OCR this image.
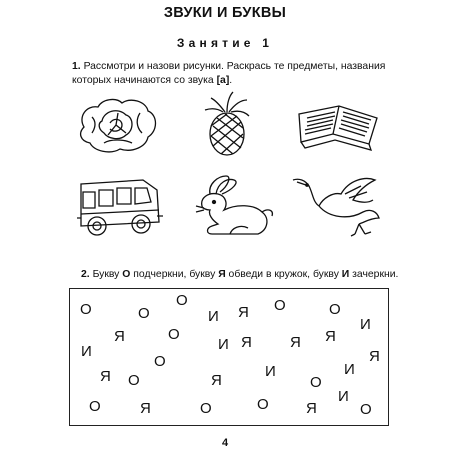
ЗВУКИ И БУКВЫ
Занятие 1
1. Рассмотри и назови рисунки. Раскрась те предметы, названия которых начинаются со звука [а].
2. Букву О подчеркни, букву Я обведи в кружок, букву И зачеркни.
О	О
О	О	И Я	О
И
Я	О
И	И Я	Я Я
О	Я
Я	И	И
О	Я	О
И
О	О
Я	О	О
Я
4
